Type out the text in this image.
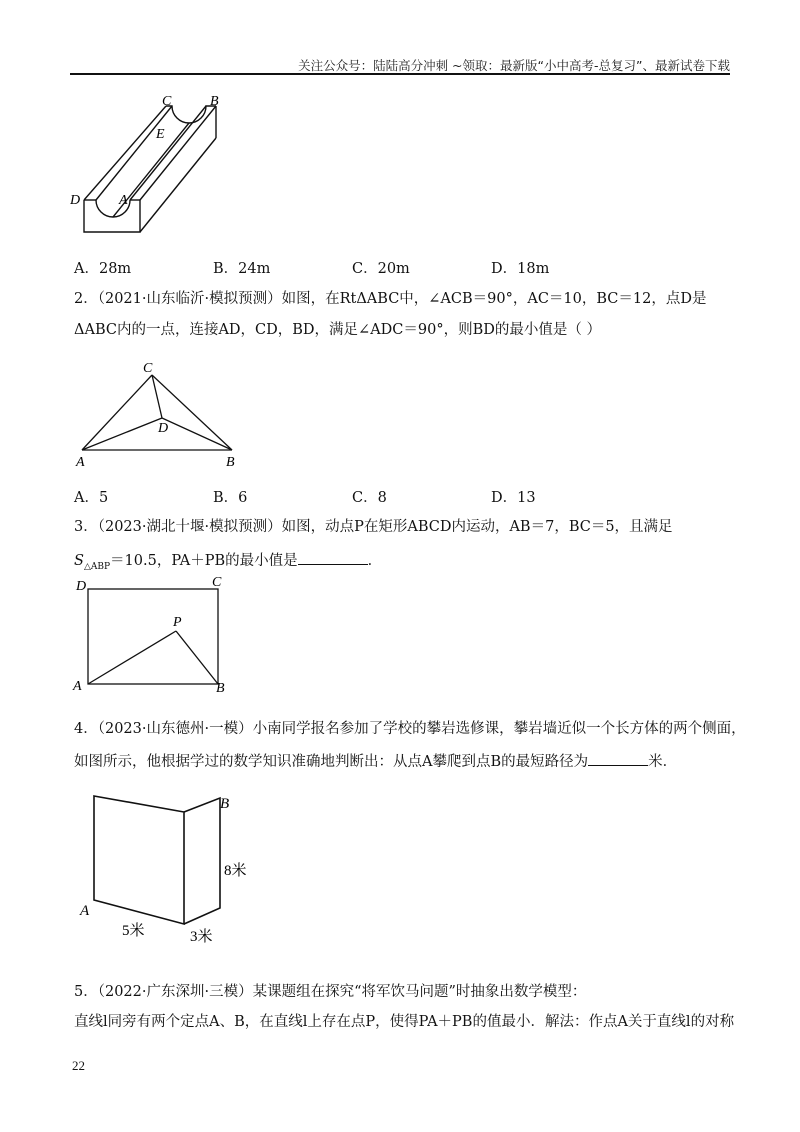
关注公众号：陆陆高分冲刺 ~领取：最新版“小中高考-总复习”、最新试卷下载
C	B
E
D	A
A．28m	B．24m	C．20m	D．18m
2．（2021·山东临沂·模拟预测）如图，在RtΔABC中，∠ACB＝90°，AC＝10，BC＝12，点D是
ΔABC内的一点，连接AD，CD，BD，满足∠ADC＝90°，则BD的最小值是（ ）
C
D
A	B
A．5	B．6	C．8	D．13
3．（2023·湖北十堰·模拟预测）如图，动点P在矩形ABCD内运动，AB＝7，BC＝5，且满足
$S_{\triangle ABP}=10.5$，PA＋PB的最小值是	．
D	C
P
A	B
4．（2023·山东德州·一模）小南同学报名参加了学校的攀岩选修课，攀岩墙近似一个长方体的两个侧面，
如图所示，他根据学过的数学知识准确地判断出：从点A攀爬到点B的最短路径为	米．
B
A
8米
5米	3米
5．（2022·广东深圳·三模）某课题组在探究“将军饮马问题”时抽象出数学模型：
直线l同旁有两个定点A、B，在直线l上存在点P，使得PA＋PB的值最小．解法：作点A关于直线l的对称
22
